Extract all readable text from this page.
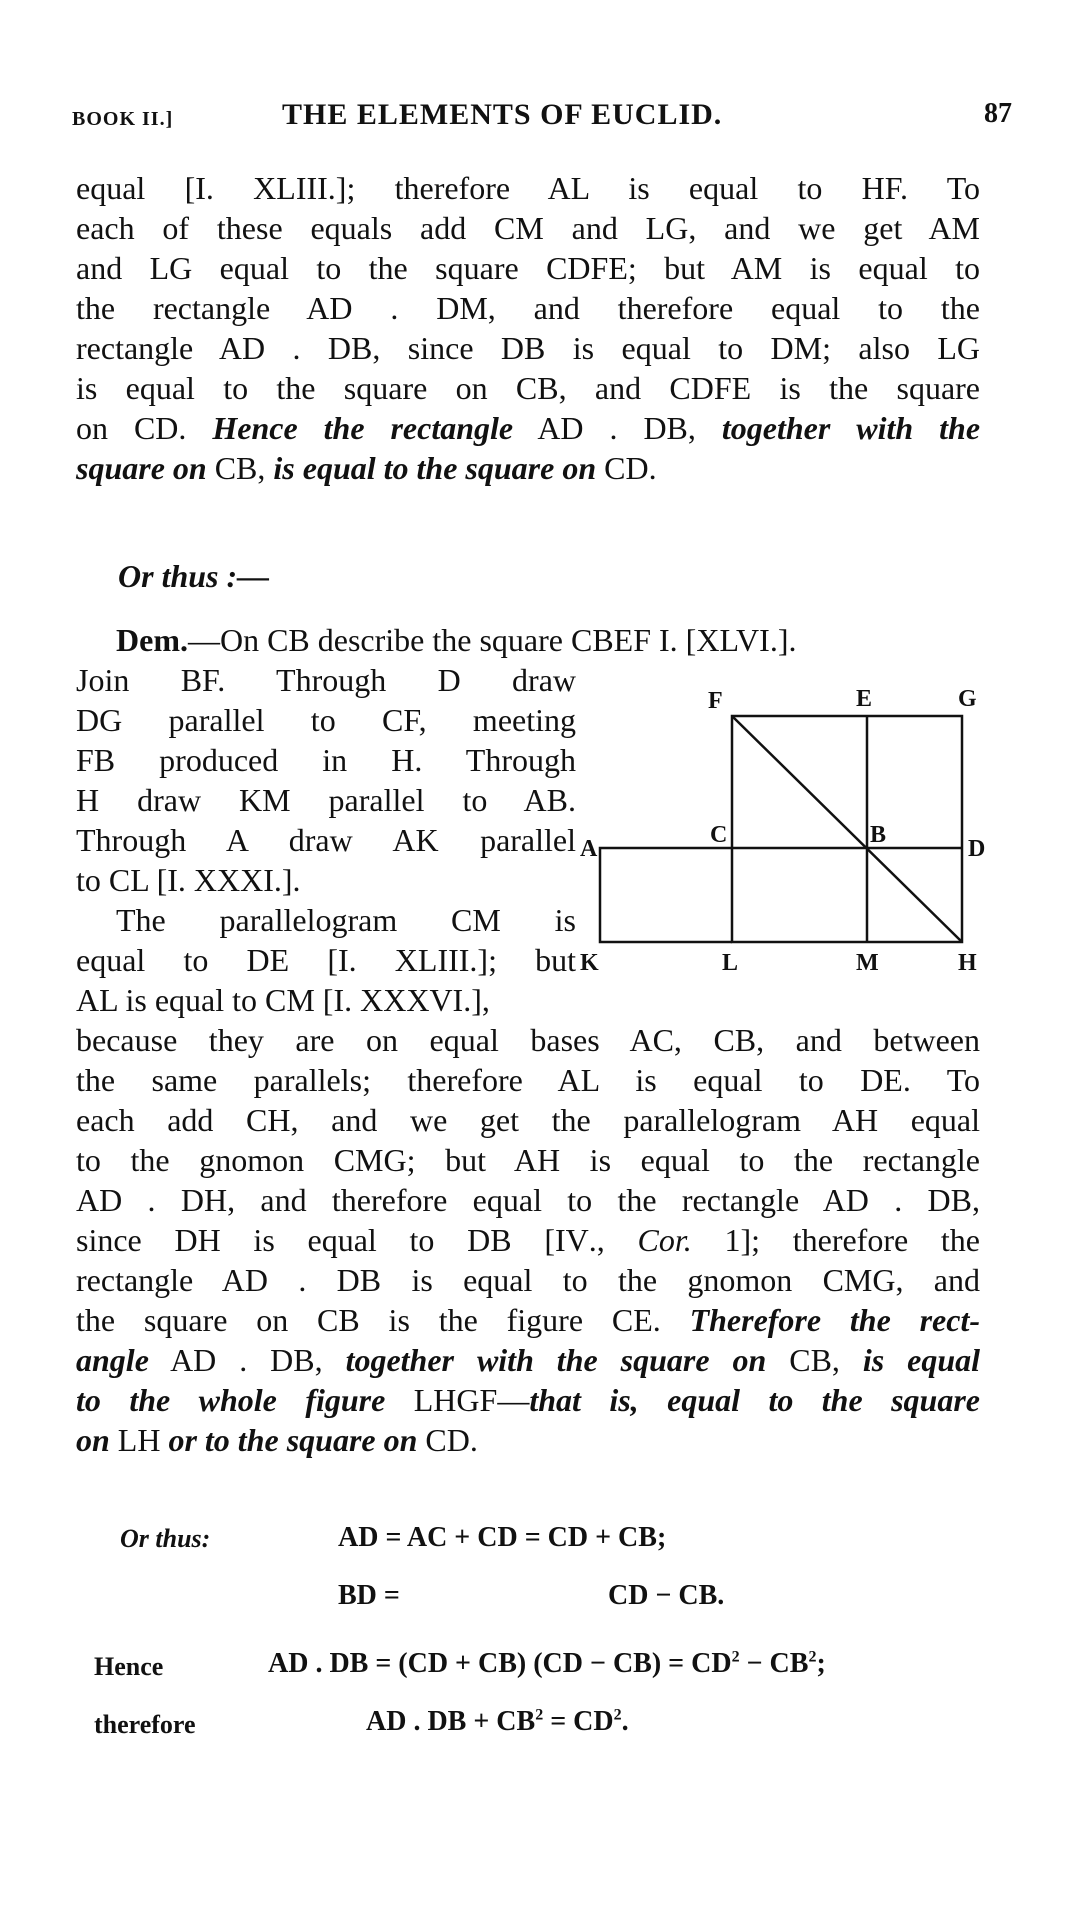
BOOK II.]	THE ELEMENTS OF EUCLID.	87
equal [I. XLIII.]; therefore AL is equal to HF. To
each of these equals add CM and LG, and we get AM
and LG equal to the square CDFE; but AM is equal to
the rectangle AD . DM, and therefore equal to the
rectangle AD . DB, since DB is equal to DM; also LG
is equal to the square on CB, and CDFE is the square
on CD. Hence the rectangle AD . DB, together with the
square on CB, is equal to the square on CD.
Or thus :—
Dem.—On CB describe the square CBEF I. [XLVI.].
Join BF. Through D draw
DG parallel to CF, meeting
FB produced in H. Through
H draw KM parallel to AB.
Through A draw AK parallel
to CL [I. XXXI.].
The parallelogram CM is
equal to DE [I. XLIII.]; but
AL is equal to CM [I. XXXVI.],
because they are on equal bases AC, CB, and between
the same parallels; therefore AL is equal to DE. To
each add CH, and we get the parallelogram AH equal
to the gnomon CMG; but AH is equal to the rectangle
AD . DH, and therefore equal to the rectangle AD . DB,
since DH is equal to DB [IV., Cor. 1]; therefore the
rectangle AD . DB is equal to the gnomon CMG, and
the square on CB is the figure CE. Therefore the rect-
angle AD . DB, together with the square on CB, is equal
to the whole figure LHGF—that is, equal to the square
on LH or to the square on CD.
F	E	G
A
C	B
D
K	L	M	H
Or thus:	AD = AC + CD = CD + CB;
BD =	CD − CB.
Hence	AD . DB = (CD + CB) $(CD - CB) = CD^2 - CB^2$;
therefore	AD . DB + $CB^2 = CD^2$.
